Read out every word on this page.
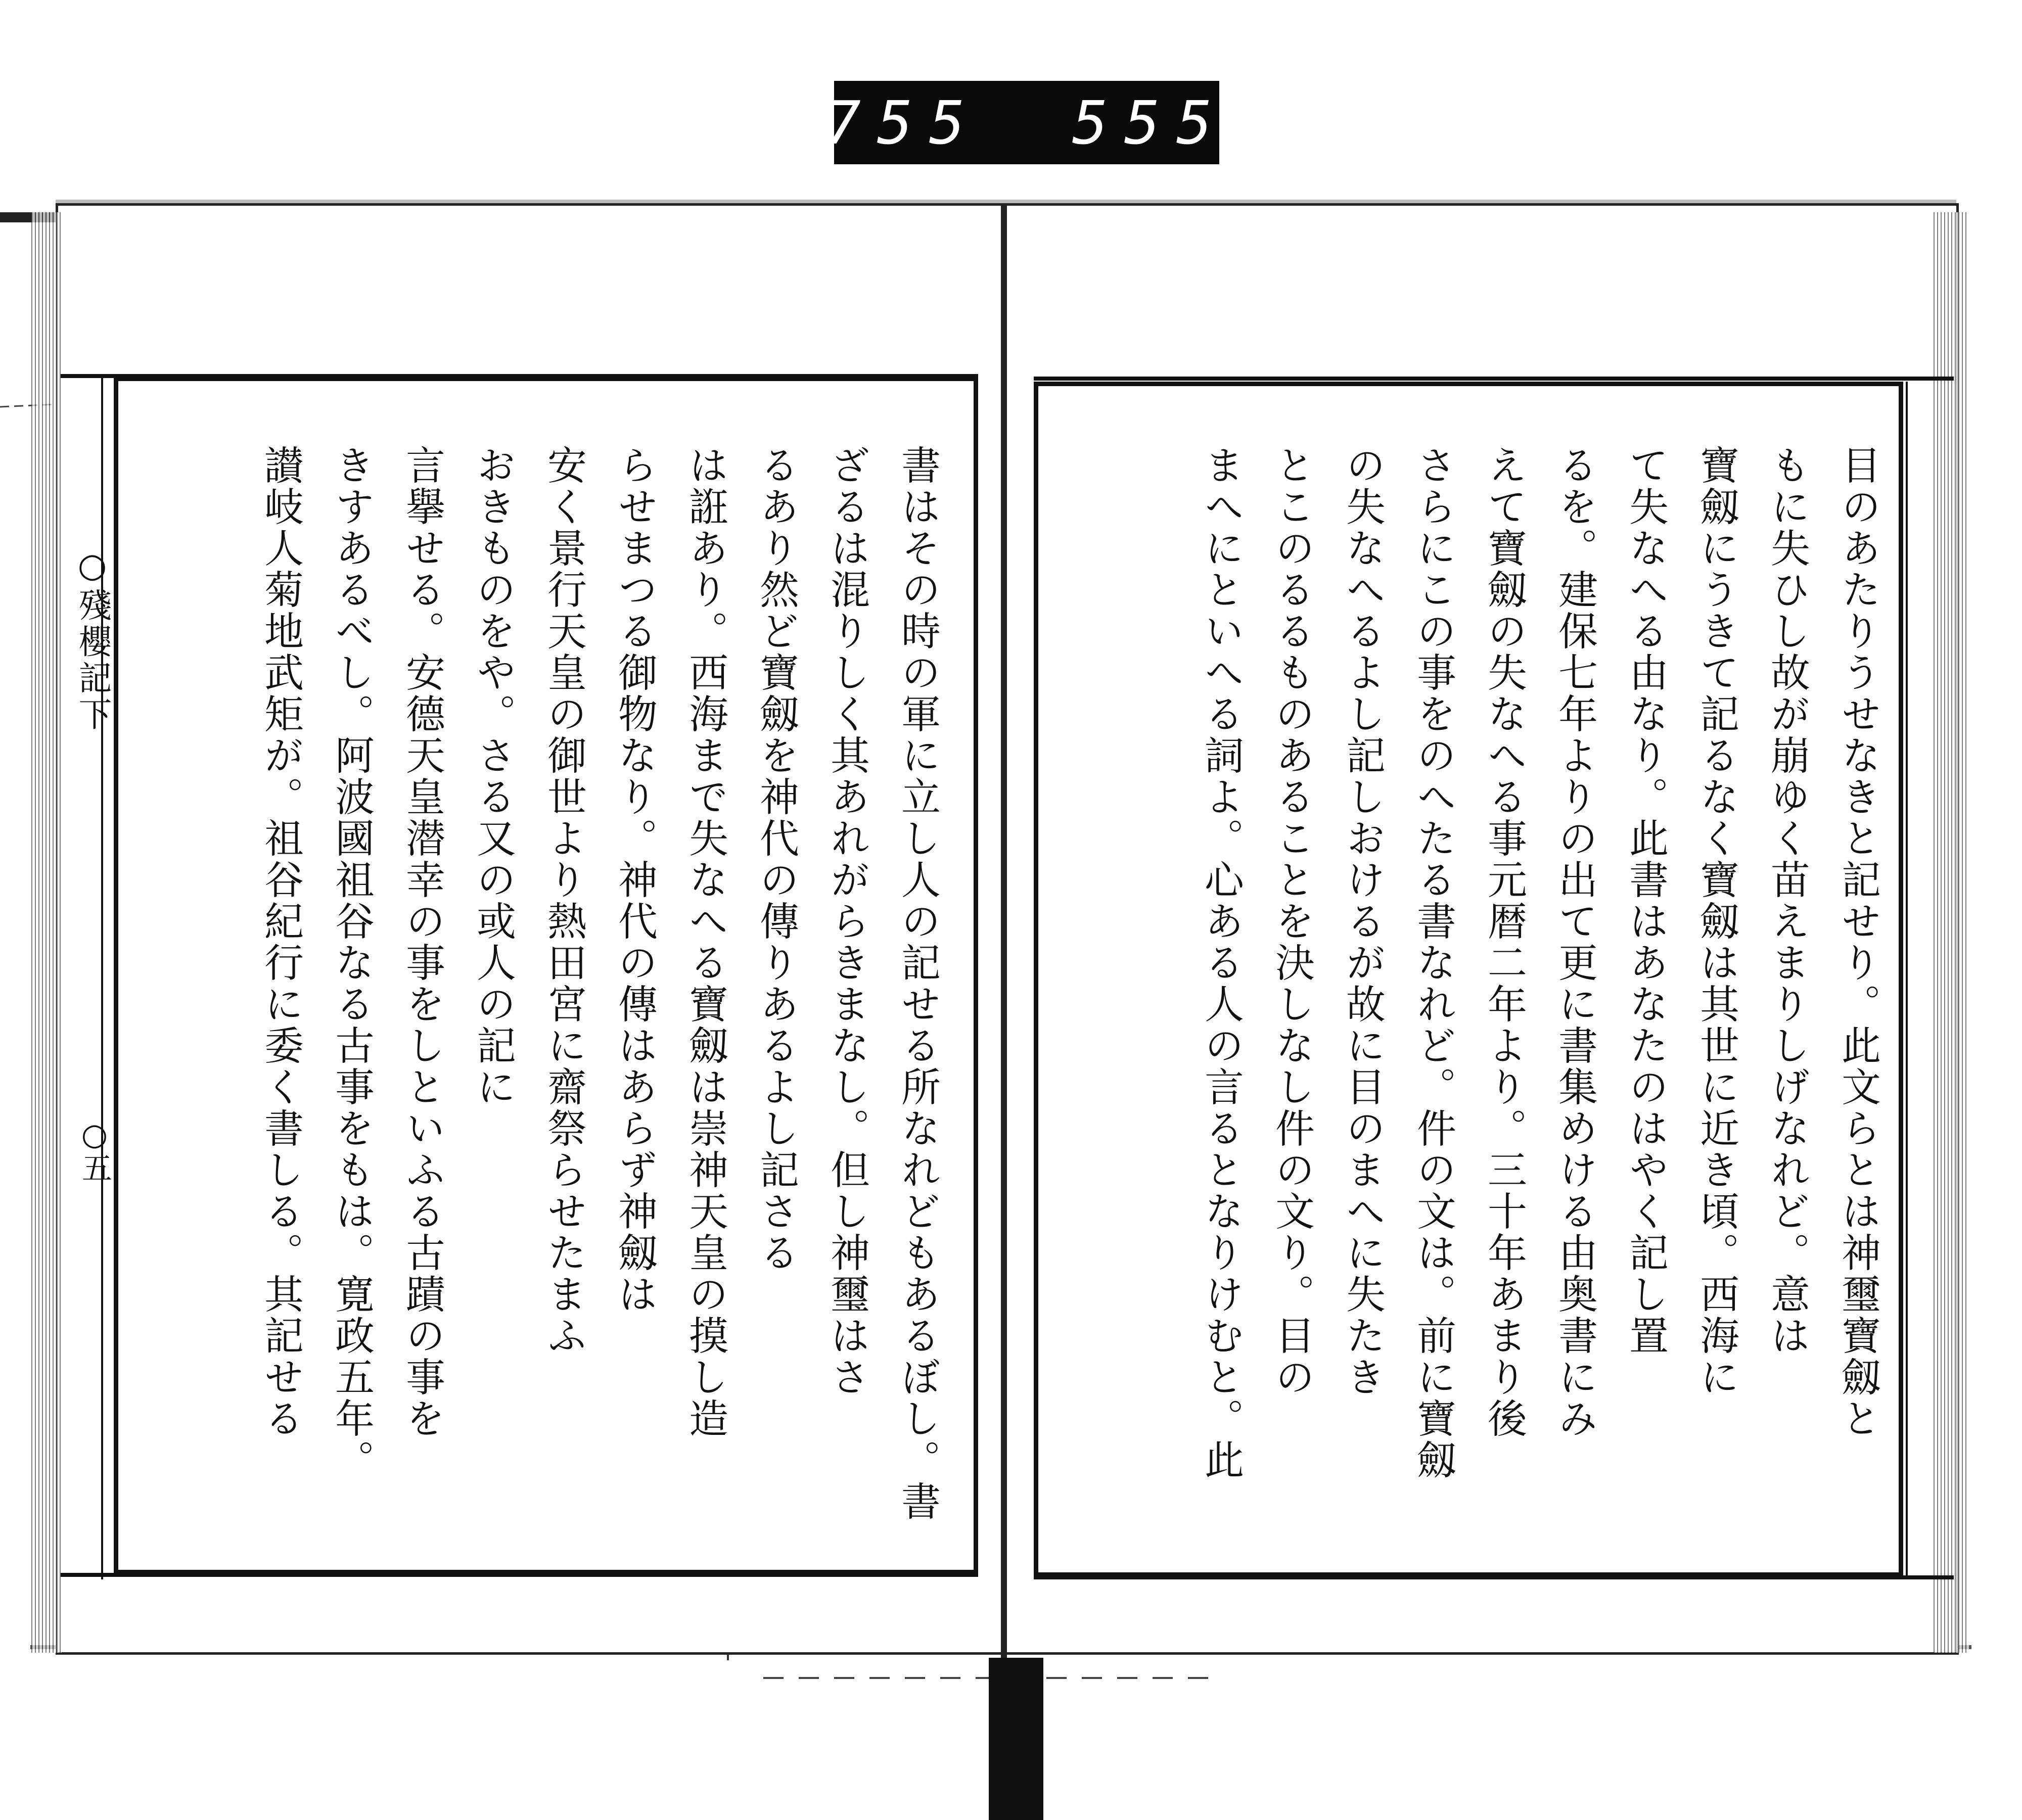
755 555
○殘櫻記下
○五	目のあたりうせなきと記せり。此文らとは神璽寶劔と
もに失ひし故が崩ゆく苗えまりしげなれど。意は
寶劔にうきて記るなく寶劔は其世に近き頃。西海に
て失なへる由なり。此書はあなたのはやく記し置
るを。建保七年よりの出て更に書集めける由奥書にみ
えて寶劔の失なへる事元暦二年より。三十年あまり後
さらにこの事をのへたる書なれど。件の文は。前に寶劔
の失なへるよし記しおけるが故に目のまへに失たき
とこのるるものあることを決しなし件の文り。目の
まへにといへる詞よ。心ある人の言るとなりけむと。此
書はその時の軍に立し人の記せる所なれどもあるぼし。書
ざるは混りしく其あれがらきまなし。但し神璽はさ
るあり然ど寶劔を神代の傳りあるよし記さる
は誑あり。西海まで失なへる寶劔は崇神天皇の摸し造
らせまつる御物なり。神代の傳はあらず神劔は
安く景行天皇の御世より熱田宮に齋祭らせたまふ
おきものをや。さる又の或人の記に
言擧せる。安德天皇潜幸の事をしといふる古蹟の事を
きすあるべし。阿波國祖谷なる古事をもは。寛政五年。
讃岐人菊地武矩が。祖谷紀行に委く書しる。其記せる
